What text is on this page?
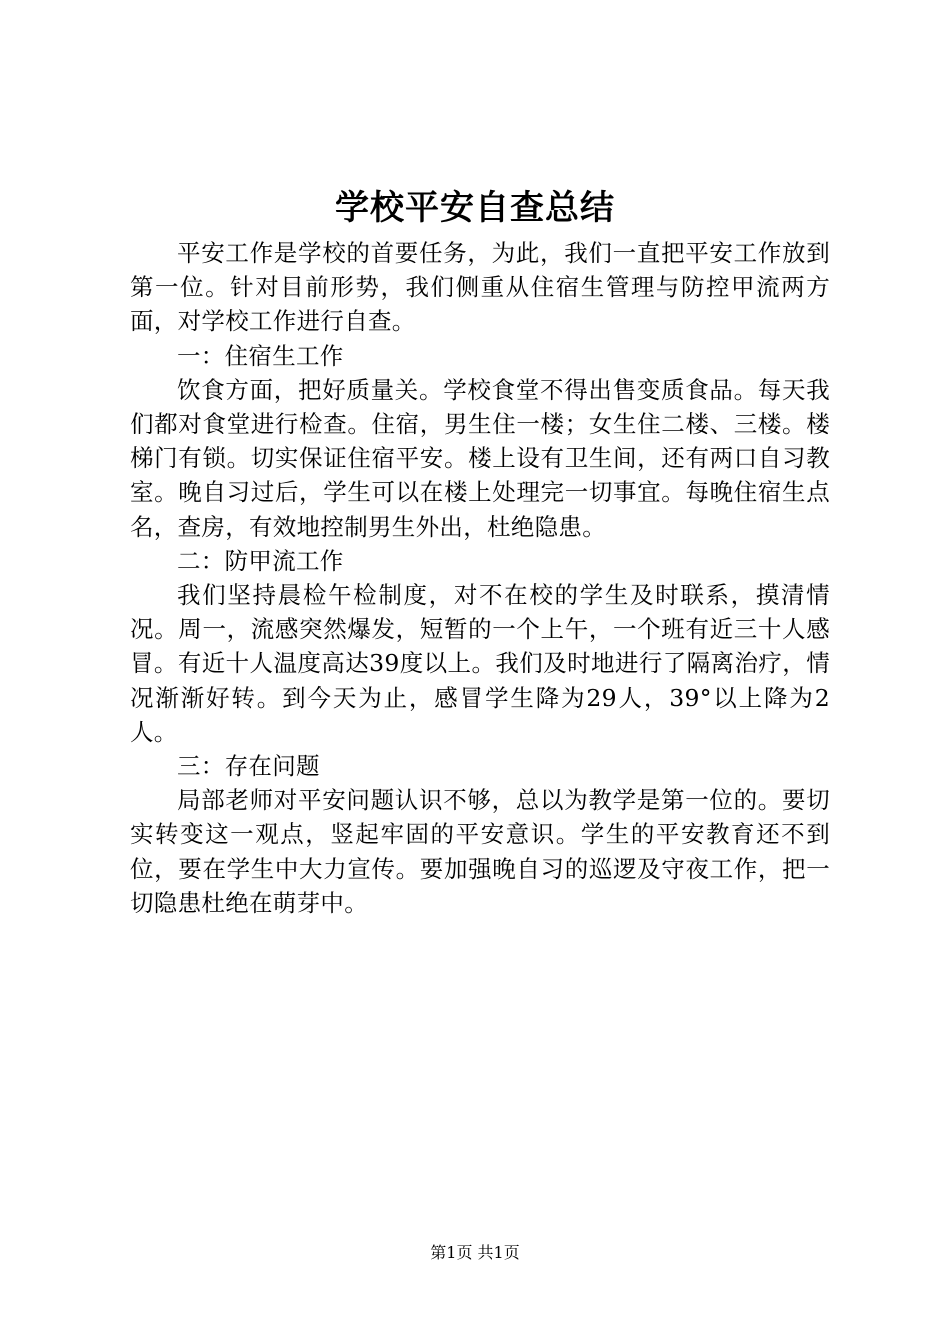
学校平安自查总结

平安工作是学校的首要任务，为此，我们一直把平安工作放到第一位。针对目前形势，我们侧重从住宿生管理与防控甲流两方面，对学校工作进行自查。

一：住宿生工作

饮食方面，把好质量关。学校食堂不得出售变质食品。每天我们都对食堂进行检查。住宿，男生住一楼；女生住二楼、三楼。楼梯门有锁。切实保证住宿平安。楼上设有卫生间，还有两口自习教室。晚自习过后，学生可以在楼上处理完一切事宜。每晚住宿生点名，查房，有效地控制男生外出，杜绝隐患。

二：防甲流工作

我们坚持晨检午检制度，对不在校的学生及时联系，摸清情况。周一，流感突然爆发，短暂的一个上午，一个班有近三十人感冒。有近十人温度高达39度以上。我们及时地进行了隔离治疗，情况渐渐好转。到今天为止，感冒学生降为29人，39°以上降为2人。

三：存在问题

局部老师对平安问题认识不够，总以为教学是第一位的。要切实转变这一观点，竖起牢固的平安意识。学生的平安教育还不到位，要在学生中大力宣传。要加强晚自习的巡逻及守夜工作，把一切隐患杜绝在萌芽中。

第1页 共1页
